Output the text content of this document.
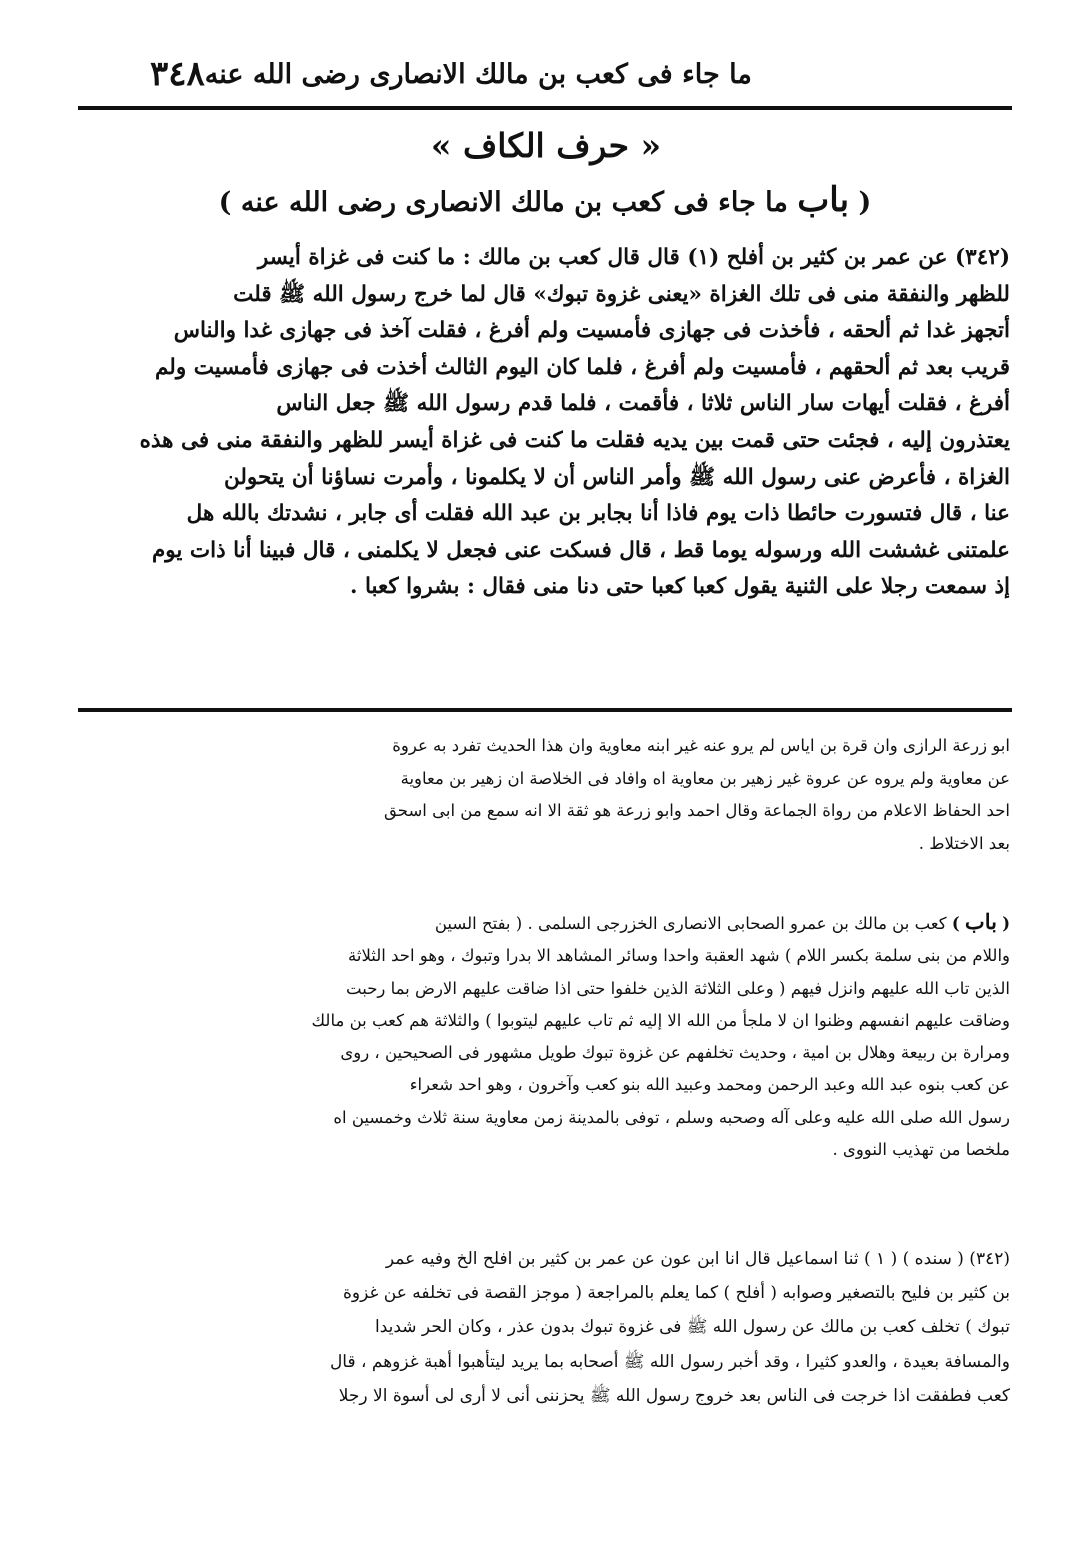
٣٤٨ ما جاء فى كعب بن مالك الانصارى رضى الله عنه
« حرف الكاف »
( باب ما جاء فى كعب بن مالك الانصارى رضى الله عنه )
(٣٤٢) عن عمر بن كثير بن أفلح (١) قال قال كعب بن مالك : ما كنت فى غزاة أيسر
للظهر والنفقة منى فى تلك الغزاة «يعنى غزوة تبوك» قال لما خرج رسول الله ﷺ قلت
أتجهز غدا ثم ألحقه ، فأخذت فى جهازى فأمسيت ولم أفرغ ، فقلت آخذ فى جهازى غدا والناس
قريب بعد ثم ألحقهم ، فأمسيت ولم أفرغ ، فلما كان اليوم الثالث أخذت فى جهازى فأمسيت ولم
أفرغ ، فقلت أيهات سار الناس ثلاثا ، فأقمت ، فلما قدم رسول الله ﷺ جعل الناس
يعتذرون إليه ، فجئت حتى قمت بين يديه فقلت ما كنت فى غزاة أيسر للظهر والنفقة منى فى هذه
الغزاة ، فأعرض عنى رسول الله ﷺ وأمر الناس أن لا يكلمونا ، وأمرت نساؤنا أن يتحولن
عنا ، قال فتسورت حائطا ذات يوم فاذا أنا بجابر بن عبد الله فقلت أى جابر ، نشدتك بالله هل
علمتنى غششت الله ورسوله يوما قط ، قال فسكت عنى فجعل لا يكلمنى ، قال فبينا أنا ذات يوم
إذ سمعت رجلا على الثنية يقول كعبا كعبا حتى دنا منى فقال : بشروا كعبا .
ابو زرعة الرازى وان قرة بن اياس لم يرو عنه غير ابنه معاوية وان هذا الحديث تفرد به عروة
عن معاوية ولم يروه عن عروة غير زهير بن معاوية اه وافاد فى الخلاصة ان زهير بن معاوية
احد الحفاظ الاعلام من رواة الجماعة وقال احمد وابو زرعة هو ثقة الا انه سمع من ابى اسحق
بعد الاختلاط .
( باب ) كعب بن مالك بن عمرو الصحابى الانصارى الخزرجى السلمى . ( بفتح السين
واللام من بنى سلمة بكسر اللام ) شهد العقبة واحدا وسائر المشاهد الا بدرا وتبوك ، وهو احد الثلاثة
الذين تاب الله عليهم وانزل فيهم ( وعلى الثلاثة الذين خلفوا حتى اذا ضاقت عليهم الارض بما رحبت
وضاقت عليهم انفسهم وظنوا ان لا ملجأ من الله الا إليه ثم تاب عليهم ليتوبوا ) والثلاثة هم كعب بن مالك
ومرارة بن ربيعة وهلال بن امية ، وحديث تخلفهم عن غزوة تبوك طويل مشهور فى الصحيحين ، روى
عن كعب بنوه عبد الله وعبد الرحمن ومحمد وعبيد الله بنو كعب وآخرون ، وهو احد شعراء
رسول الله صلى الله عليه وعلى آله وصحبه وسلم ، توفى بالمدينة زمن معاوية سنة ثلاث وخمسين اه
ملخصا من تهذيب النووى .
(٣٤٢) ( سنده ) ( ١ ) ثنا اسماعيل قال انا ابن عون عن عمر بن كثير بن افلح الخ وفيه عمر
بن كثير بن فليح بالتصغير وصوابه ( أفلح ) كما يعلم بالمراجعة ( موجز القصة فى تخلفه عن غزوة
تبوك ) تخلف كعب بن مالك عن رسول الله ﷺ فى غزوة تبوك بدون عذر ، وكان الحر شديدا
والمسافة بعيدة ، والعدو كثيرا ، وقد أخبر رسول الله ﷺ أصحابه بما يريد ليتأهبوا أهبة غزوهم ، قال
كعب فطفقت اذا خرجت فى الناس بعد خروج رسول الله ﷺ يحزننى أنى لا أرى لى أسوة الا رجلا
